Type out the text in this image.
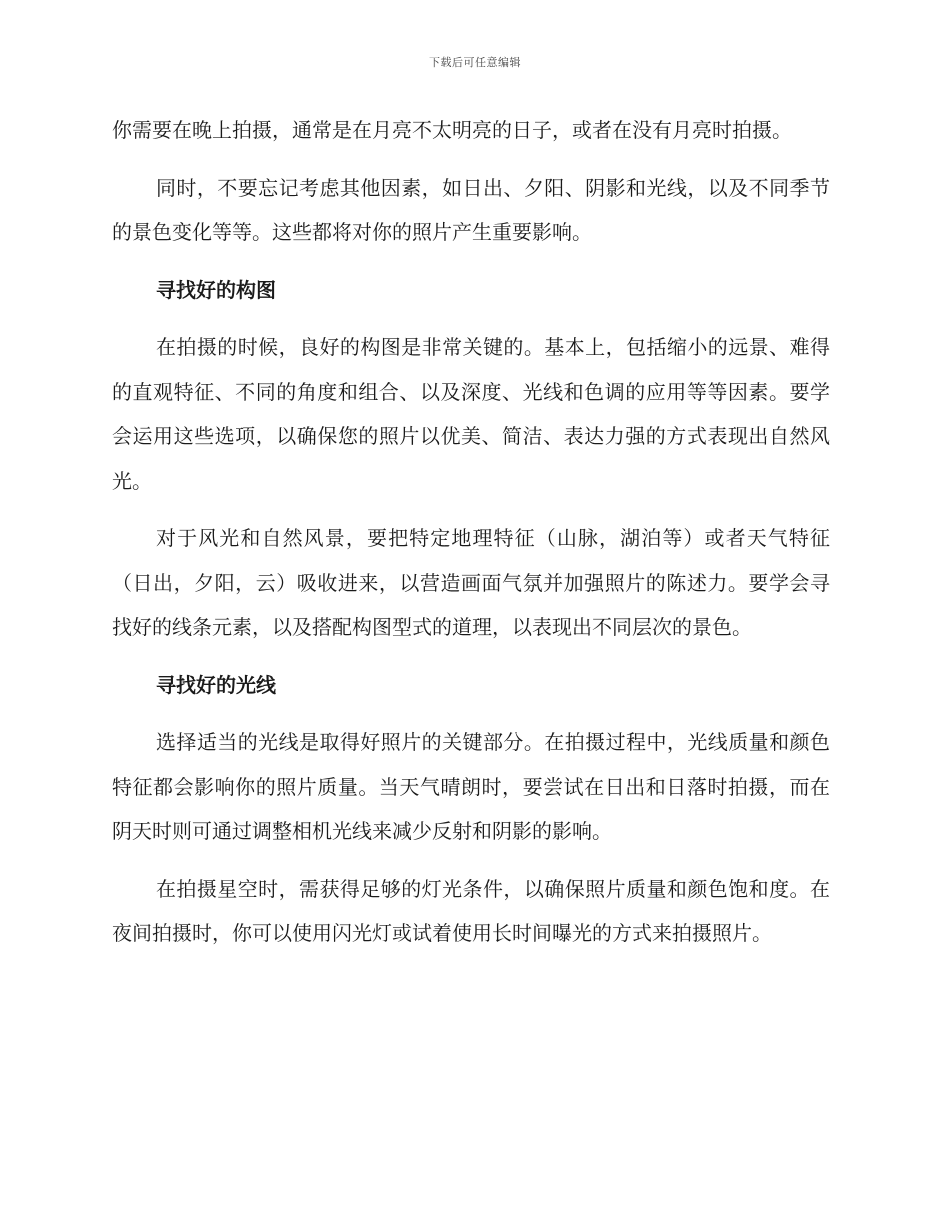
下载后可任意编辑

你需要在晚上拍摄，通常是在月亮不太明亮的日子，或者在没有月亮时拍摄。

同时，不要忘记考虑其他因素，如日出、夕阳、阴影和光线，以及不同季节的景色变化等等。这些都将对你的照片产生重要影响。

寻找好的构图

在拍摄的时候，良好的构图是非常关键的。基本上，包括缩小的远景、难得的直观特征、不同的角度和组合、以及深度、光线和色调的应用等等因素。要学会运用这些选项，以确保您的照片以优美、简洁、表达力强的方式表现出自然风光。

对于风光和自然风景，要把特定地理特征（山脉，湖泊等）或者天气特征（日出，夕阳，云）吸收进来，以营造画面气氛并加强照片的陈述力。要学会寻找好的线条元素，以及搭配构图型式的道理，以表现出不同层次的景色。

寻找好的光线

选择适当的光线是取得好照片的关键部分。在拍摄过程中，光线质量和颜色特征都会影响你的照片质量。当天气晴朗时，要尝试在日出和日落时拍摄，而在阴天时则可通过调整相机光线来减少反射和阴影的影响。

在拍摄星空时，需获得足够的灯光条件，以确保照片质量和颜色饱和度。在夜间拍摄时，你可以使用闪光灯或试着使用长时间曝光的方式来拍摄照片。
